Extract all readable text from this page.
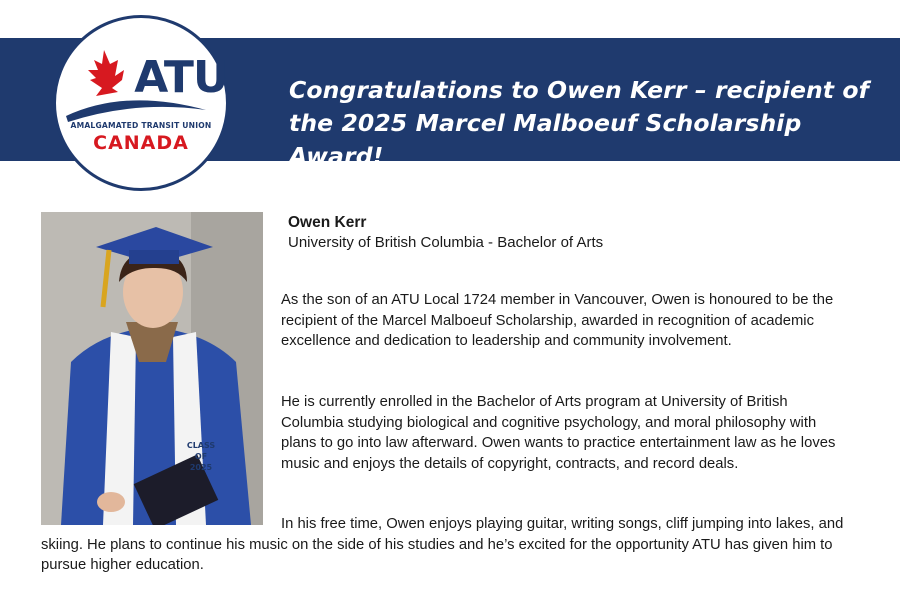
Congratulations to Owen Kerr – recipient of the 2025 Marcel Malboeuf Scholarship Award!
ATU
AMALGAMATED TRANSIT UNION
CANADA
CLASS OF 2025
Owen Kerr
University of British Columbia - Bachelor of Arts

As the son of an ATU Local 1724 member in Vancouver, Owen is honoured to be the recipient of the Marcel Malboeuf Scholarship, awarded in recognition of academic excellence and dedication to leadership and community involvement.

He is currently enrolled in the Bachelor of Arts program at University of British Columbia studying biological and cognitive psychology, and moral philosophy with plans to go into law afterward. Owen wants to practice entertainment law as he loves music and enjoys the details of copyright, contracts, and record deals.

In his free time, Owen enjoys playing guitar, writing songs, cliff jumping into lakes, and skiing. He plans to continue his music on the side of his studies and he’s excited for the opportunity ATU has given him to pursue higher education.
